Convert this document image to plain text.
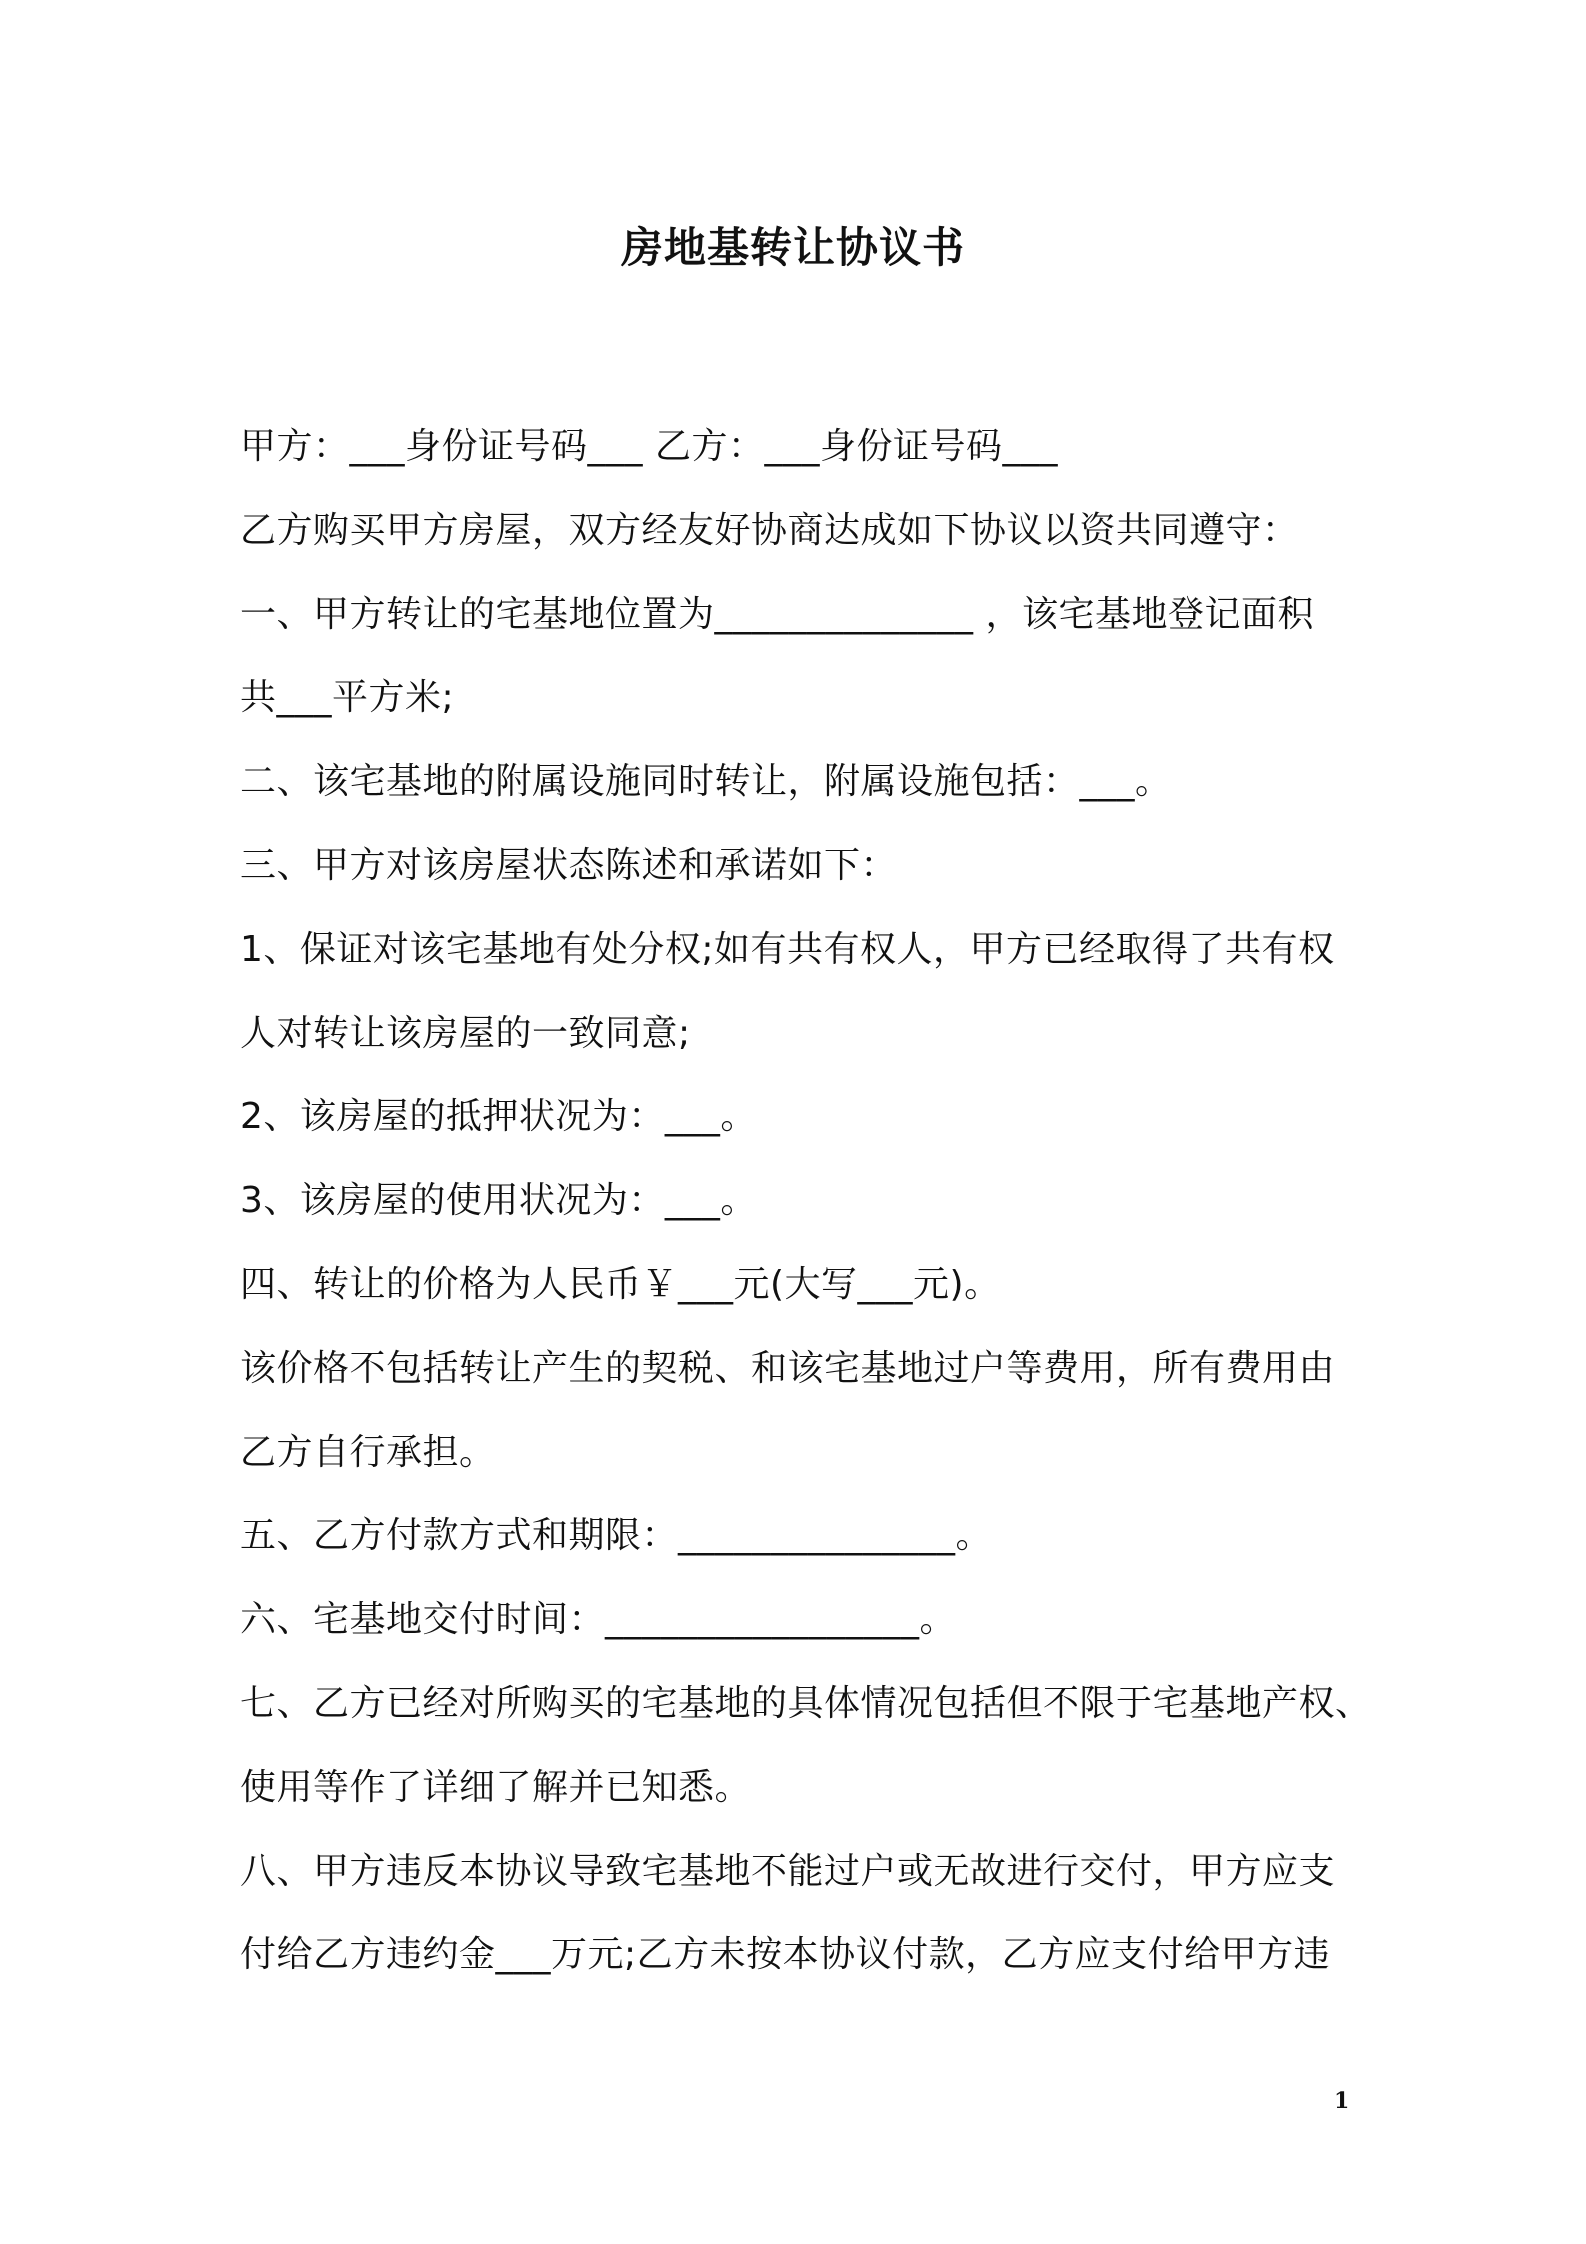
房地基转让协议书
甲方：___身份证号码___ 乙方：___身份证号码___
乙方购买甲方房屋，双方经友好协商达成如下协议以资共同遵守：
一、甲方转让的宅基地位置为______________ ，该宅基地登记面积
共___平方米;
二、该宅基地的附属设施同时转让，附属设施包括：___。
三、甲方对该房屋状态陈述和承诺如下：
1、保证对该宅基地有处分权;如有共有权人，甲方已经取得了共有权
人对转让该房屋的一致同意;
2、该房屋的抵押状况为：___。
3、该房屋的使用状况为：___。
四、转让的价格为人民币￥___元(大写___元)。
该价格不包括转让产生的契税、和该宅基地过户等费用，所有费用由
乙方自行承担。
五、乙方付款方式和期限：_______________。
六、宅基地交付时间：_________________。
七、乙方已经对所购买的宅基地的具体情况包括但不限于宅基地产权、
使用等作了详细了解并已知悉。
八、甲方违反本协议导致宅基地不能过户或无故进行交付，甲方应支
付给乙方违约金___万元;乙方未按本协议付款，乙方应支付给甲方违
1
